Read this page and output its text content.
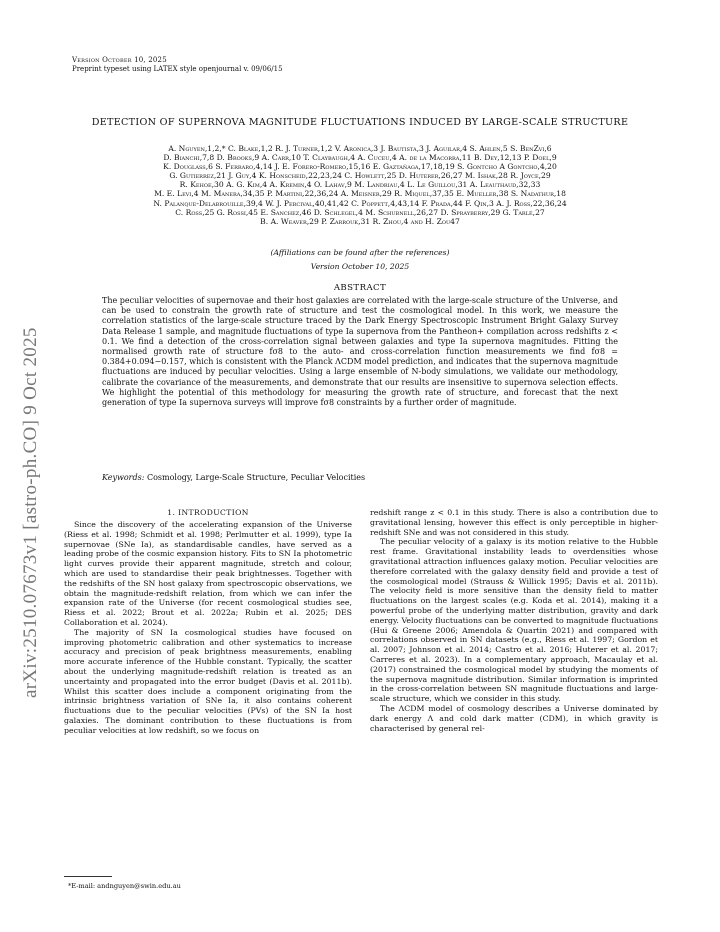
Version October 10, 2025
Preprint typeset using LATEX style openjournal v. 09/06/15
arXiv:2510.07673v1 [astro-ph.CO] 9 Oct 2025
DETECTION OF SUPERNOVA MAGNITUDE FLUCTUATIONS INDUCED BY LARGE-SCALE STRUCTURE
A. Nguyen,1,2,* C. Blake,1,2 R. J. Turner,1,2 V. Aronica,3 J. Bautista,3 J. Aguilar,4 S. Ahlen,5 S. BenZvi,6
D. Bianchi,7,8 D. Brooks,9 A. Carr,10 T. Claybaugh,4 A. Cuceu,4 A. de la Macorra,11 B. Dey,12,13 P. Doel,9
K. Douglass,6 S. Ferraro,4,14 J. E. Forero-Romero,15,16 E. Gaztañaga,17,18,19 S. Gontcho A Gontcho,4,20
G. Gutierrez,21 J. Guy,4 K. Honscheid,22,23,24 C. Howlett,25 D. Huterer,26,27 M. Ishak,28 R. Joyce,29
R. Kehoe,30 A. G. Kim,4 A. Kremin,4 O. Lahav,9 M. Landriau,4 L. Le Guillou,31 A. Leauthaud,32,33
M. E. Levi,4 M. Manera,34,35 P. Martini,22,36,24 A. Meisner,29 R. Miquel,37,35 E. Mueller,38 S. Nadathur,18
N. Palanque-Delabrouille,39,4 W. J. Percival,40,41,42 C. Poppett,4,43,14 F. Prada,44 F. Qin,3 A. J. Ross,22,36,24
C. Ross,25 G. Rossi,45 E. Sanchez,46 D. Schlegel,4 M. Schubnell,26,27 D. Sprayberry,29 G. Tarlé,27
B. A. Weaver,29 P. Zarrouk,31 R. Zhou,4 and H. Zou47
(Affiliations can be found after the references)
Version October 10, 2025
ABSTRACT
The peculiar velocities of supernovae and their host galaxies are correlated with the large-scale structure of the Universe, and can be used to constrain the growth rate of structure and test the cosmological model. In this work, we measure the correlation statistics of the large-scale structure traced by the Dark Energy Spectroscopic Instrument Bright Galaxy Survey Data Release 1 sample, and magnitude fluctuations of type Ia supernova from the Pantheon+ compilation across redshifts z < 0.1. We find a detection of the cross-correlation signal between galaxies and type Ia supernova magnitudes. Fitting the normalised growth rate of structure fσ8 to the auto- and cross-correlation function measurements we find fσ8 = 0.384+0.094−0.157, which is consistent with the Planck ΛCDM model prediction, and indicates that the supernova magnitude fluctuations are induced by peculiar velocities. Using a large ensemble of N-body simulations, we validate our methodology, calibrate the covariance of the measurements, and demonstrate that our results are insensitive to supernova selection effects. We highlight the potential of this methodology for measuring the growth rate of structure, and forecast that the next generation of type Ia supernova surveys will improve fσ8 constraints by a further order of magnitude.
Keywords: Cosmology, Large-Scale Structure, Peculiar Velocities
1. INTRODUCTION

Since the discovery of the accelerating expansion of the Universe (Riess et al. 1998; Schmidt et al. 1998; Perlmutter et al. 1999), type Ia supernovae (SNe Ia), as standardisable candles, have served as a leading probe of the cosmic expansion history. Fits to SN Ia photometric light curves provide their apparent magnitude, stretch and colour, which are used to standardise their peak brightnesses. Together with the redshifts of the SN host galaxy from spectroscopic observations, we obtain the magnitude-redshift relation, from which we can infer the expansion rate of the Universe (for recent cosmological studies see, Riess et al. 2022; Brout et al. 2022a; Rubin et al. 2025; DES Collaboration et al. 2024).

The majority of SN Ia cosmological studies have focused on improving photometric calibration and other systematics to increase accuracy and precision of peak brightness measurements, enabling more accurate inference of the Hubble constant. Typically, the scatter about the underlying magnitude-redshift relation is treated as an uncertainty and propagated into the error budget (Davis et al. 2011b). Whilst this scatter does include a component originating from the intrinsic brightness variation of SNe Ia, it also contains coherent fluctuations due to the peculiar velocities (PVs) of the SN Ia host galaxies. The dominant contribution to these fluctuations is from peculiar velocities at low redshift, so we focus on

redshift range z < 0.1 in this study. There is also a contribution due to gravitational lensing, however this effect is only perceptible in higher-redshift SNe and was not considered in this study.

The peculiar velocity of a galaxy is its motion relative to the Hubble rest frame. Gravitational instability leads to overdensities whose gravitational attraction influences galaxy motion. Peculiar velocities are therefore correlated with the galaxy density field and provide a test of the cosmological model (Strauss & Willick 1995; Davis et al. 2011b). The velocity field is more sensitive than the density field to matter fluctuations on the largest scales (e.g. Koda et al. 2014), making it a powerful probe of the underlying matter distribution, gravity and dark energy. Velocity fluctuations can be converted to magnitude fluctuations (Hui & Greene 2006; Amendola & Quartin 2021) and compared with correlations observed in SN datasets (e.g., Riess et al. 1997; Gordon et al. 2007; Johnson et al. 2014; Castro et al. 2016; Huterer et al. 2017; Carreres et al. 2023). In a complementary approach, Macaulay et al. (2017) constrained the cosmological model by studying the moments of the supernova magnitude distribution. Similar information is imprinted in the cross-correlation between SN magnitude fluctuations and large-scale structure, which we consider in this study.

The ΛCDM model of cosmology describes a Universe dominated by dark energy Λ and cold dark matter (CDM), in which gravity is characterised by general rel-

*E-mail: andnguyen@swin.edu.au
